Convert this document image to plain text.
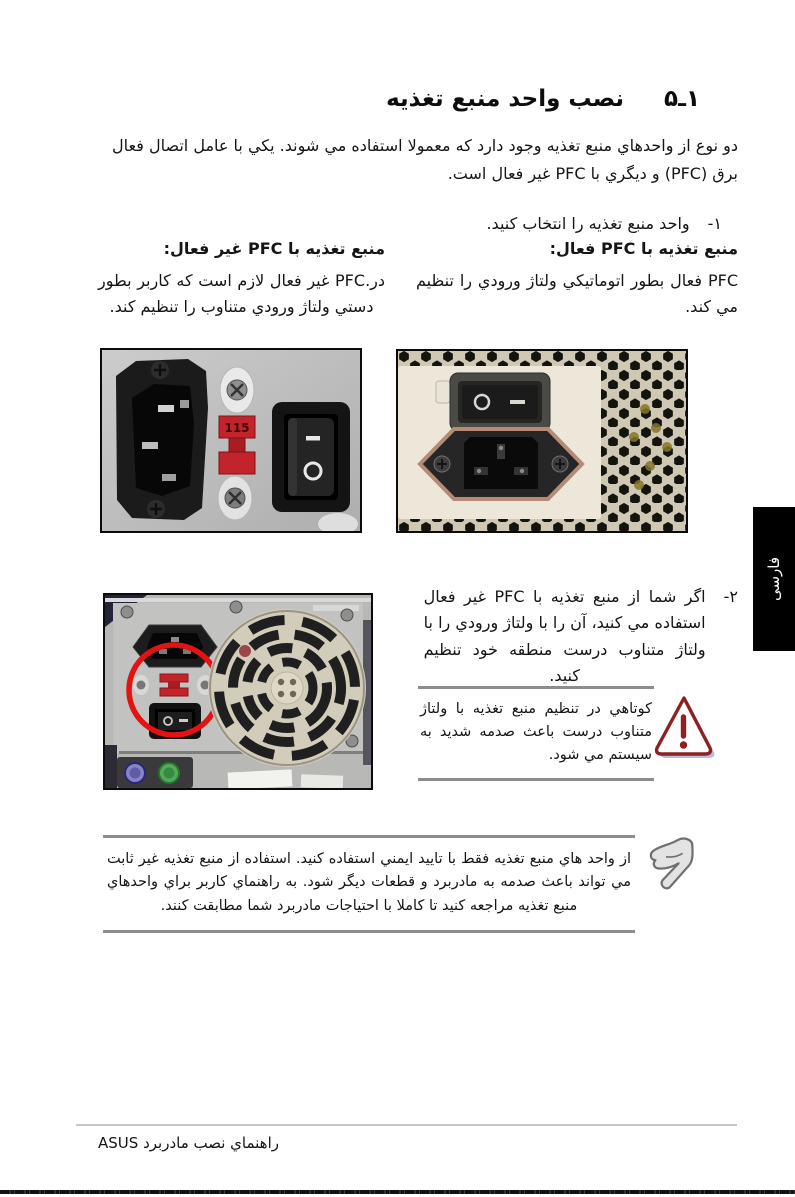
۱ـ۵
نصب واحد منبع تغذيه
دو نوع از واحدهاي منبع تغذيه وجود دارد كه معمولا استفاده مي شوند. يكي با عامل اتصال فعال برق (PFC) و ديگري با PFC غير فعال است.
۱-
واحد منبع تغذيه را انتخاب كنيد.
منبع تغذيه با PFC فعال:
منبع تغذيه با PFC غير فعال:
PFC فعال بطور اتوماتيكي ولتاژ ورودي را تنظيم مي كند.
در.PFC غير فعال لازم است كه كاربر بطور دستي ولتاژ ورودي متناوب را تنظيم كند.
115
۲-
اگر شما از منبع تغذيه با PFC غير فعال استفاده مي كنيد، آن را با ولتاژ ورودي را با ولتاژ متناوب درست منطقه خود تنظيم كنيد.
كوتاهي در تنظيم منبع تغذيه با ولتاژ متناوب درست باعث صدمه شديد به سيستم مي شود.
از واحد هاي منبع تغذيه فقط با تاييد ايمني استفاده كنيد. استفاده از منبع تغذيه غير ثابت مي تواند باعث صدمه به مادربرد و قطعات ديگر شود. به راهنماي كاربر براي واحدهاي منبع تغذيه مراجعه كنيد تا كاملا با احتياجات مادربرد شما مطابقت كنند.
فارسی
راهنماي نصب مادربرد ASUS
